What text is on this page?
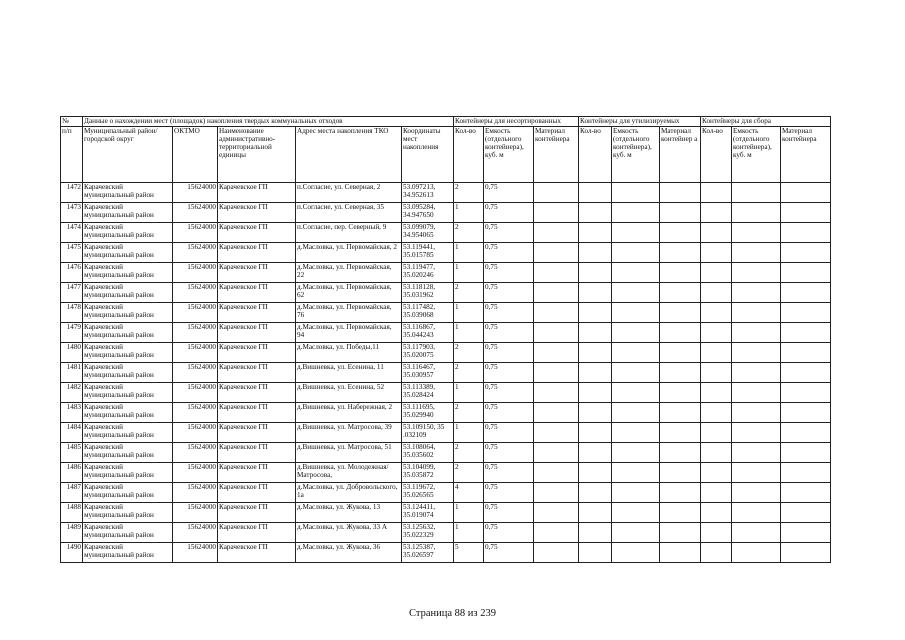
№	Данные о нахождении мест (площадок) накопления твердых коммунальных отходов					Контейнеры для несортированных			Контейнеры для утилизируемых			Контейнеры для сбора		
п/п	Муниципальный район/городской округ	ОКТМО	Наименование административно-территориальной единицы	Адрес места накопления ТКО	Координаты мест накопления	Кол-во	Емкость (отдельного контейнера), куб. м	Материал контейнера	Кол-во	Емкость (отдельного контейнера), куб. м	Материал контейнер а	Кол-во	Емкость (отдельного контейнера), куб. м	Материал контейнера
1472	Карачевский муниципальный район	15624000	Карачевское ГП	п.Согласие, ул. Северная, 2	53.097213, 34.952613	2	0,75							
1473	Карачевский муниципальный район	15624000	Карачевское ГП	п.Согласие, ул. Северная, 35	53.095284, 34.947650	1	0,75							
1474	Карачевский муниципальный район	15624000	Карачевское ГП	п.Согласие, пер. Северный, 9	53.099079, 34.954065	2	0,75							
1475	Карачевский муниципальный район	15624000	Карачевское ГП	д.Масловка, ул. Первомайская, 2	53.119441, 35.015785	1	0,75							
1476	Карачевский муниципальный район	15624000	Карачевское ГП	д.Масловка, ул. Первомайская, 22	53.119477, 35.020246	1	0,75							
1477	Карачевский муниципальный район	15624000	Карачевское ГП	д.Масловка, ул. Первомайская, 62	53.118128, 35.031962	2	0,75							
1478	Карачевский муниципальный район	15624000	Карачевское ГП	д.Масловка, ул. Первомайская, 76	53.117482, 35.039068	1	0,75							
1479	Карачевский муниципальный район	15624000	Карачевское ГП	д.Масловка, ул. Первомайская, 94	53.116867, 35.044243	1	0,75							
1480	Карачевский муниципальный район	15624000	Карачевское ГП	д.Масловка, ул. Победы,11	53.117903, 35.020075	2	0,75							
1481	Карачевский муниципальный район	15624000	Карачевское ГП	д.Вишневка, ул. Есенина, 11	53.116467, 35.030957	2	0,75							
1482	Карачевский муниципальный район	15624000	Карачевское ГП	д.Вишневка, ул. Есенина, 52	53.113389, 35.028424	1	0,75							
1483	Карачевский муниципальный район	15624000	Карачевское ГП	д.Вишневка, ул. Набережная, 2	53.111695, 35.029940	2	0,75							
1484	Карачевский муниципальный район	15624000	Карачевское ГП	д.Вишневка, ул. Матросова, 39	53.109150, 35 .032109	1	0,75							
1485	Карачевский муниципальный район	15624000	Карачевское ГП	д.Вишневка, ул. Матросова, 51	53.108064, 35.035602	2	0,75							
1486	Карачевский муниципальный район	15624000	Карачевское ГП	д.Вишневка, ул. Молодежная/Матросова,	53.104099, 35.035872	2	0,75							
1487	Карачевский муниципальный район	15624000	Карачевское ГП	д.Масловка, ул. Добровольского, 1а	53.119672, 35.026565	4	0,75							
1488	Карачевский муниципальный район	15624000	Карачевское ГП	д.Масловка, ул. Жукова, 13	53.124411, 35.019074	1	0,75							
1489	Карачевский муниципальный район	15624000	Карачевское ГП	д.Масловка, ул. Жукова, 33 А	53.125632, 35.022329	1	0,75							
1490	Карачевский муниципальный район	15624000	Карачевское ГП	д.Масловка, ул. Жукова, 36	53.125387, 35.026597	5	0,75							
Страница 88 из 239
